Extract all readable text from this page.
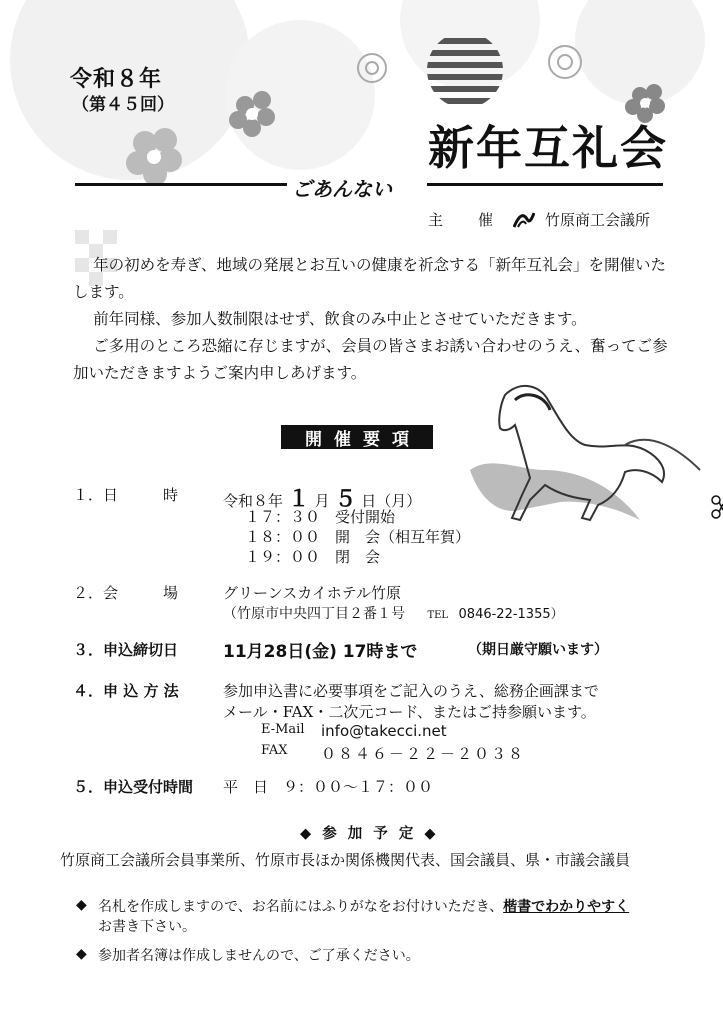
令和８年
（第４５回）
新年互礼会
ごあんない
主　催	竹原商工会議所

年の初めを寿ぎ、地域の発展とお互いの健康を祈念する「新年互礼会」を開催いたします。

前年同様、参加人数制限はせず、飲食のみ中止とさせていただきます。

ご多用のところ恐縮に存じますが、会員の皆さまお誘い合わせのうえ、奮ってご参加いただきますようご案内申しあげます。

開催要項
１．日　　　時	令和８年 １ 月 ５ 日（月）
１７：３０　受付開始
１８：００　開　会（相互年賀）
１９：００　閉　会
２．会　　　場	グリーンスカイホテル竹原
（竹原市中央四丁目２番１号 TEL 0846-22-1355）
３．申込締切日	11月28日(金) 17時まで	（期日厳守願います）
４．申 込 方 法	参加申込書に必要事項をご記入のうえ、総務企画課まで
メール・FAX・二次元コード、またはご持参願います。
E-Mail info@takecci.net
FAX ０８４６－２２－２０３８
５．申込受付時間 平　日　９：００～１７：００
◆ 参 加 予 定 ◆
竹原商工会議所会員事業所、竹原市長ほか関係機関代表、国会議員、県・市議会議員
◆ 名札を作成しますので、お名前にはふりがなをお付けいただき、楷書でわかりやすく
お書き下さい。
◆ 参加者名簿は作成しませんので、ご了承ください。
